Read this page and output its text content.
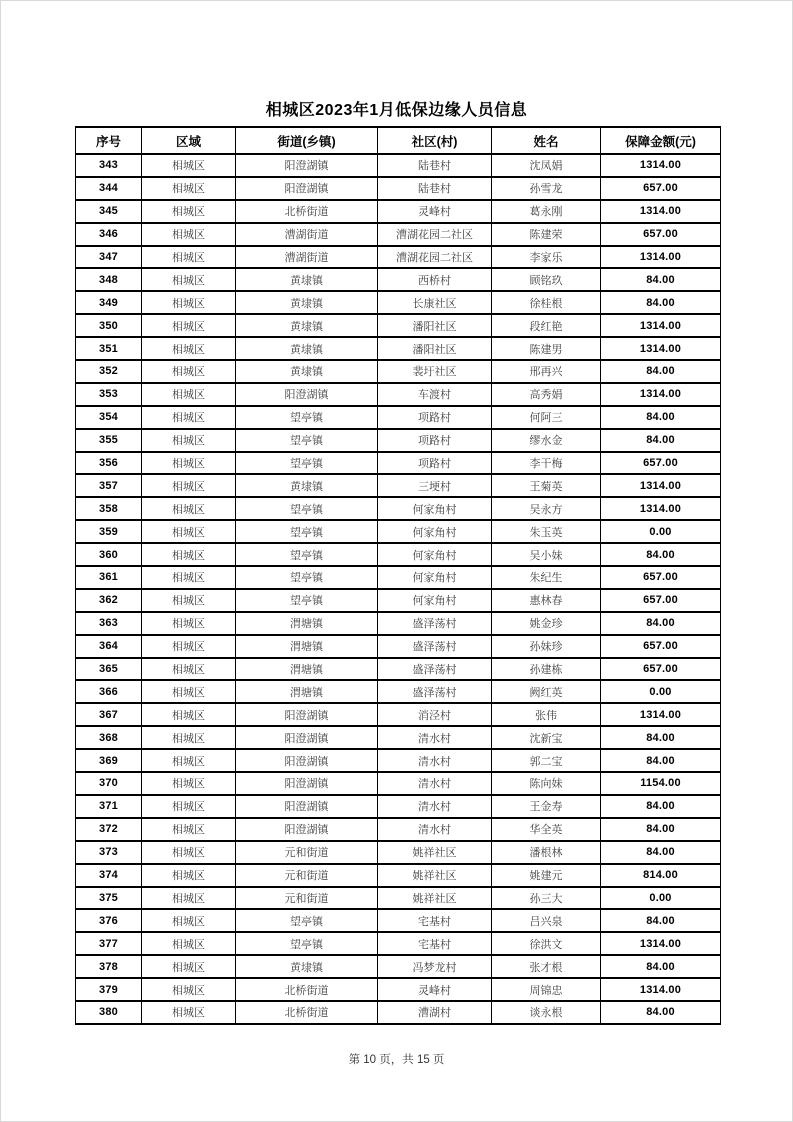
相城区2023年1月低保边缘人员信息
序号	区域	街道(乡镇)	社区(村)	姓名	保障金额(元)
343	相城区	阳澄湖镇	陆巷村	沈凤娟	1314.00
344	相城区	阳澄湖镇	陆巷村	孙雪龙	657.00
345	相城区	北桥街道	灵峰村	葛永刚	1314.00
346	相城区	漕湖街道	漕湖花园二社区	陈建荣	657.00
347	相城区	漕湖街道	漕湖花园二社区	李家乐	1314.00
348	相城区	黄埭镇	西桥村	顾铭玖	84.00
349	相城区	黄埭镇	长康社区	徐桂根	84.00
350	相城区	黄埭镇	潘阳社区	段红艳	1314.00
351	相城区	黄埭镇	潘阳社区	陈建男	1314.00
352	相城区	黄埭镇	裴圩社区	邢再兴	84.00
353	相城区	阳澄湖镇	车渡村	高秀娟	1314.00
354	相城区	望亭镇	项路村	何阿三	84.00
355	相城区	望亭镇	项路村	缪水金	84.00
356	相城区	望亭镇	项路村	李干梅	657.00
357	相城区	黄埭镇	三埂村	王菊英	1314.00
358	相城区	望亭镇	何家角村	吴永方	1314.00
359	相城区	望亭镇	何家角村	朱玉英	0.00
360	相城区	望亭镇	何家角村	吴小妹	84.00
361	相城区	望亭镇	何家角村	朱纪生	657.00
362	相城区	望亭镇	何家角村	惠林春	657.00
363	相城区	渭塘镇	盛泽荡村	姚金珍	84.00
364	相城区	渭塘镇	盛泽荡村	孙妹珍	657.00
365	相城区	渭塘镇	盛泽荡村	孙建栋	657.00
366	相城区	渭塘镇	盛泽荡村	阙红英	0.00
367	相城区	阳澄湖镇	消泾村	张伟	1314.00
368	相城区	阳澄湖镇	清水村	沈新宝	84.00
369	相城区	阳澄湖镇	清水村	郭二宝	84.00
370	相城区	阳澄湖镇	清水村	陈向妹	1154.00
371	相城区	阳澄湖镇	清水村	王金寿	84.00
372	相城区	阳澄湖镇	清水村	华全英	84.00
373	相城区	元和街道	姚祥社区	潘根林	84.00
374	相城区	元和街道	姚祥社区	姚建元	814.00
375	相城区	元和街道	姚祥社区	孙三大	0.00
376	相城区	望亭镇	宅基村	吕兴泉	84.00
377	相城区	望亭镇	宅基村	徐洪文	1314.00
378	相城区	黄埭镇	冯梦龙村	张才根	84.00
379	相城区	北桥街道	灵峰村	周锦忠	1314.00
380	相城区	北桥街道	漕湖村	谈永根	84.00
第 10 页，共 15 页
